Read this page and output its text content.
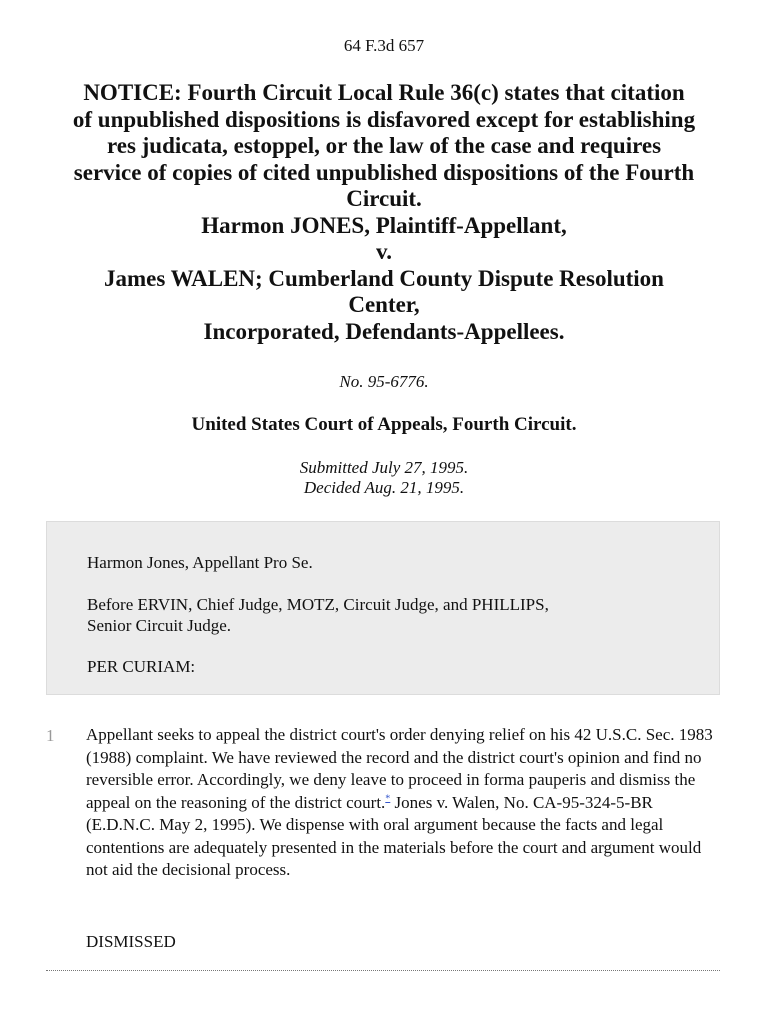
64 F.3d 657
NOTICE: Fourth Circuit Local Rule 36(c) states that citation
of unpublished dispositions is disfavored except for establishing
res judicata, estoppel, or the law of the case and requires
service of copies of cited unpublished dispositions of the Fourth
Circuit.
Harmon JONES, Plaintiff-Appellant,
v.
James WALEN; Cumberland County Dispute Resolution
Center,
Incorporated, Defendants-Appellees.
No. 95-6776.
United States Court of Appeals, Fourth Circuit.
Submitted July 27, 1995.
Decided Aug. 21, 1995.

Harmon Jones, Appellant Pro Se.

Before ERVIN, Chief Judge, MOTZ, Circuit Judge, and PHILLIPS,

Senior Circuit Judge.

PER CURIAM:

1 Appellant seeks to appeal the district court's order denying relief on his 42 U.S.C. Sec. 1983 (1988) complaint. We have reviewed the record and the district court's opinion and find no reversible error. Accordingly, we deny leave to proceed in forma pauperis and dismiss the appeal on the reasoning of the district court.* Jones v. Walen, No. CA-95-324-5-BR (E.D.N.C. May 2, 1995). We dispense with oral argument because the facts and legal contentions are adequately presented in the materials before the court and argument would not aid the decisional process.
DISMISSED
